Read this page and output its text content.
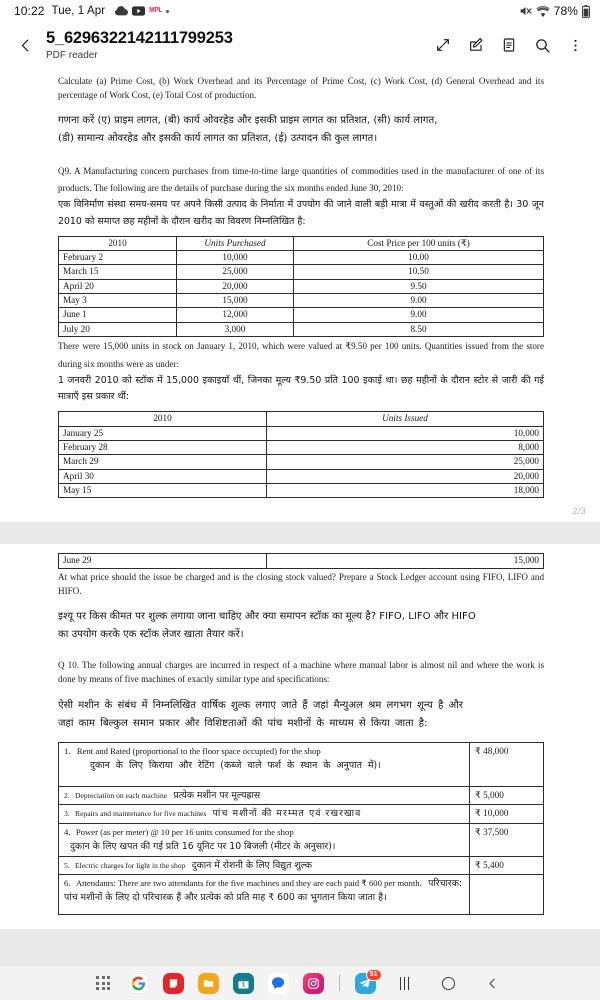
10:22 Tue, 1 Apr	MPL	78%
5_6296322142111799253
PDF reader
Calculate (a) Prime Cost, (b) Work Overhead and its Percentage of Prime Cost, (c) Work Cost, (d) General Overhead and its percentage of Work Cost, (e) Total Cost of production.
गणना करें (ए) प्राइम लागत, (बी) कार्य ओवरहेड और इसकी प्राइम लागत का प्रतिशत, (सी) कार्य लागत,
(डी) सामान्य ओवरहेड और इसकी कार्य लागत का प्रतिशत, (ई) उत्पादन की कुल लागत।
Q9. A Manufacturing concern purchases from time-to-time large quantities of commodities used in the manufacturer of one of its products. The following are the details of purchase during the six months ended June 30, 2010:
एक विनिर्माण संस्था समय-समय पर अपने किसी उत्पाद के निर्माता में उपयोग की जाने वाली बड़ी मात्रा में वस्तुओं की खरीद करती है। 30 जून 2010 को समाप्त छह महीनों के दौरान खरीद का विवरण निम्नलिखित है:
2010	Units Purchased	Cost Price per 100 units (₹)
February 2	10,000	10.00
March 15	25,000	10.50
April 20	20,000	9.50
May 3	15,000	9.00
June 1	12,000	9.00
July 20	3,000	8.50
There were 15,000 units in stock on January 1, 2010, which were valued at ₹9.50 per 100 units. Quantities issued from the store during six months were as under:
1 जनवरी 2010 को स्टॉक में 15,000 इकाइयाँ थीं, जिनका मूल्य ₹9.50 प्रति 100 इकाई था। छह महीनों के दौरान स्टोर से जारी की गई मात्राएँ इस प्रकार थीं:
2010	Units Issued
January 25	10,000
February 28	8,000
March 29	25,000
April 30	20,000
May 15	18,000
2/3
June 29	15,000
At what price should the issue be charged and is the closing stock valued? Prepare a Stock Ledger account using FIFO, LIFO and HIFO.
इश्यू पर किस कीमत पर शुल्क लगाया जाना चाहिए और क्या समापन स्टॉक का मूल्य है? FIFO, LIFO और HIFO
का उपयोग करके एक स्टॉक लेजर खाता तैयार करें।
Q 10. The following annual charges are incurred in respect of a machine where manual labor is almost nil and where the work is done by means of five machines of exactly similar type and specifications:
ऐसी मशीन के संबंध में निम्नलिखित वार्षिक शुल्क लगाए जाते हैं जहां मैन्युअल श्रम लगभग शून्य है और
जहां काम बिल्कुल समान प्रकार और विशिष्टताओं की पांच मशीनों के माध्यम से किया जाता है:
1. Rent and Rated (proportional to the floor space occupied) for the shop
दुकान के लिए किराया और रेटिंग (कब्जे वाले फर्श के स्थान के अनुपात में)।	₹ 48,000
2. Depreciation on each machine प्रत्येक मशीन पर मूल्यह्रास	₹ 5,000
3. Repairs and maintenance for five machines पांच मशीनों की मरम्मत एवं रखरखाव	₹ 10,000
4. Power (as per meter) @ 10 per 16 units consumed for the shop
दुकान के लिए खपत की गई प्रति 16 यूनिट पर 10 बिजली (मीटर के अनुसार)।	₹ 37,500
5. Electric charges for light in the shop दुकान में रोशनी के लिए विद्युत शुल्क	₹ 5,400
6. Attendants: There are two attendants for the five machines and they are each paid ₹ 600 per month. परिचारक: पांच मशीनों के लिए दो परिचारक हैं और प्रत्येक को प्रति माह ₹ 600 का भुगतान किया जाता है।	
1
51
